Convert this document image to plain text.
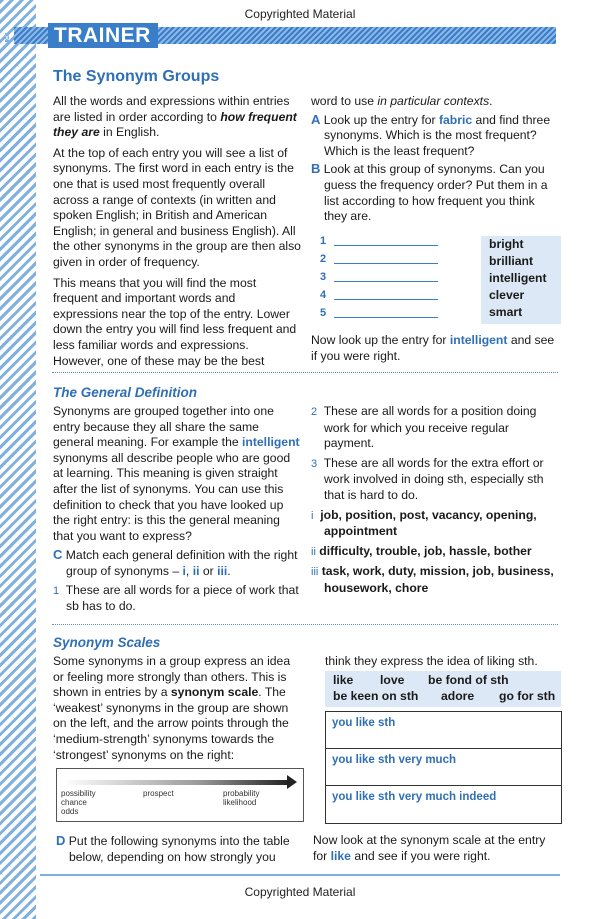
x
Copyrighted Material
TRAINER
The Synonym Groups

All the words and expressions within entries are listed in order according to how frequent they are in English.

At the top of each entry you will see a list of synonyms. The first word in each entry is the one that is used most frequently overall across a range of contexts (in written and spoken English; in British and American English; in general and business English). All the other synonyms in the group are then also given in order of frequency.

This means that you will find the most frequent and important words and expressions near the top of the entry. Lower down the entry you will find less frequent and less familiar words and expressions. However, one of these may be the best

word to use in particular contexts.

A Look up the entry for fabric and find three synonyms. Which is the most frequent? Which is the least frequent?

B Look at this group of synonyms. Can you guess the frequency order? Put them in a list according to how frequent you think they are.

1
2
3
4
5
bright
brilliant
intelligent
clever
smart
Now look up the entry for intelligent and see if you were right.
The General Definition

Synonyms are grouped together into one entry because they all share the same general meaning. For example the intelligent synonyms all describe people who are good at learning. This meaning is given straight after the list of synonyms. You can use this definition to check that you have looked up the right entry: is this the general meaning that you want to express?

C Match each general definition with the right group of synonyms – i, ii or iii.

1 These are all words for a piece of work that sb has to do.

2 These are all words for a position doing work for which you receive regular payment.

3 These are all words for the extra effort or work involved in doing sth, especially sth that is hard to do.

i job, position, post, vacancy, opening, appointment

ii difficulty, trouble, job, hassle, bother

iii task, work, duty, mission, job, business, housework, chore

Synonym Scales

Some synonyms in a group express an idea or feeling more strongly than others. This is shown in entries by a synonym scale. The ‘weakest’ synonyms in the group are shown on the left, and the arrow points through the ‘medium-strength’ synonyms towards the ‘strongest’ synonyms on the right:

possibility
chance
odds
prospect	probability
likelihood

D Put the following synonyms into the table below, depending on how strongly you

think they express the idea of liking sth.
like love be fond of sth
be keen on sth adore go for sth
you like sth
you like sth very much
you like sth very much indeed
Now look at the synonym scale at the entry for like and see if you were right.
Copyrighted Material
